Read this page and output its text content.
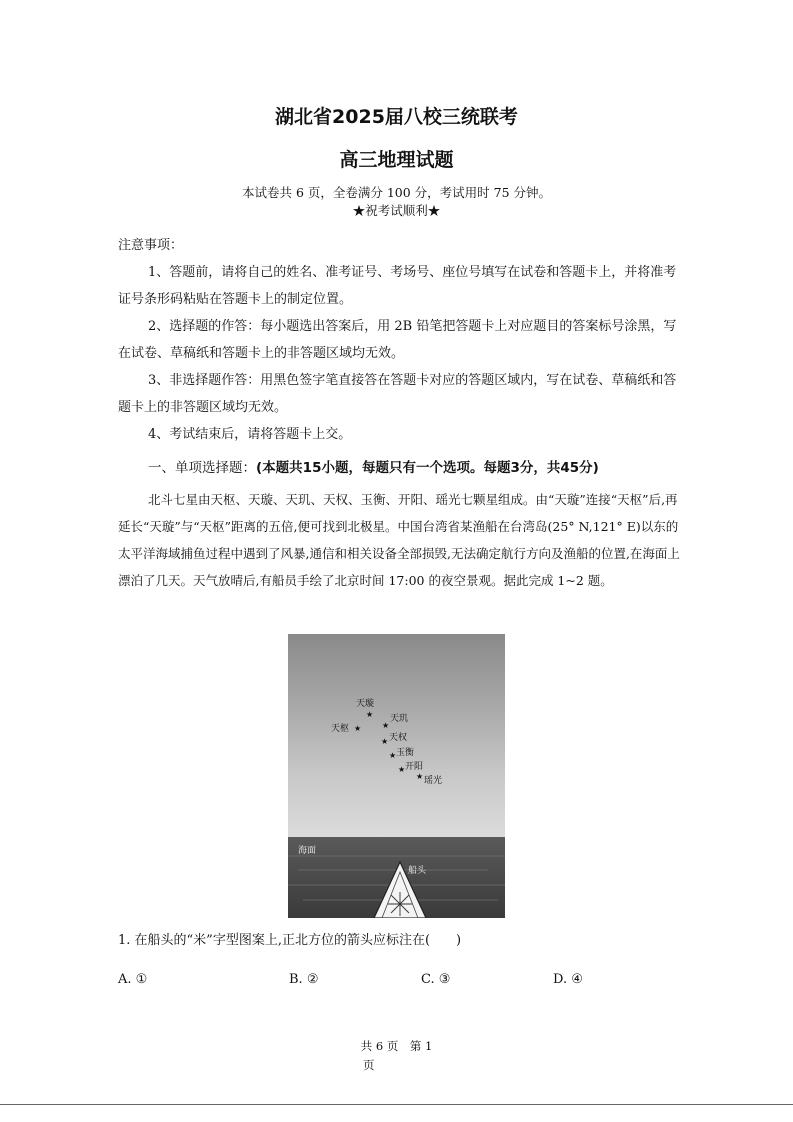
湖北省2025届八校三统联考
高三地理试题
本试卷共 6 页，全卷满分 100 分，考试用时 75 分钟。
★祝考试顺利★
注意事项：
1、答题前，请将自己的姓名、准考证号、考场号、座位号填写在试卷和答题卡上，并将准考证号条形码粘贴在答题卡上的制定位置。
2、选择题的作答：每小题选出答案后，用 2B 铅笔把答题卡上对应题目的答案标号涂黑，写在试卷、草稿纸和答题卡上的非答题区域均无效。
3、非选择题作答：用黑色签字笔直接答在答题卡对应的答题区域内，写在试卷、草稿纸和答题卡上的非答题区域均无效。
4、考试结束后，请将答题卡上交。
一、单项选择题：(本题共15小题，每题只有一个选项。每题3分，共45分)
北斗七星由天枢、天璇、天玑、天权、玉衡、开阳、瑶光七颗星组成。由“天璇”连接“天枢”后,再延长“天璇”与“天枢”距离的五倍,便可找到北极星。中国台湾省某渔船在台湾岛(25° N,121° E)以东的太平洋海域捕鱼过程中遇到了风暴,通信和相关设备全部损毁,无法确定航行方向及渔船的位置,在海面上漂泊了几天。天气放晴后,有船员手绘了北京时间 17:00 的夜空景观。据此完成 1~2 题。
天璇
★
天枢 ★
天玑
★
天权
★
玉衡
★
开阳
★
瑶光
★
海面
船头
1. 在船头的“米”字型图案上,正北方位的箭头应标注在(　　)
A. ①	B. ②	C. ③	D. ④
共 6 页　第 1
页
